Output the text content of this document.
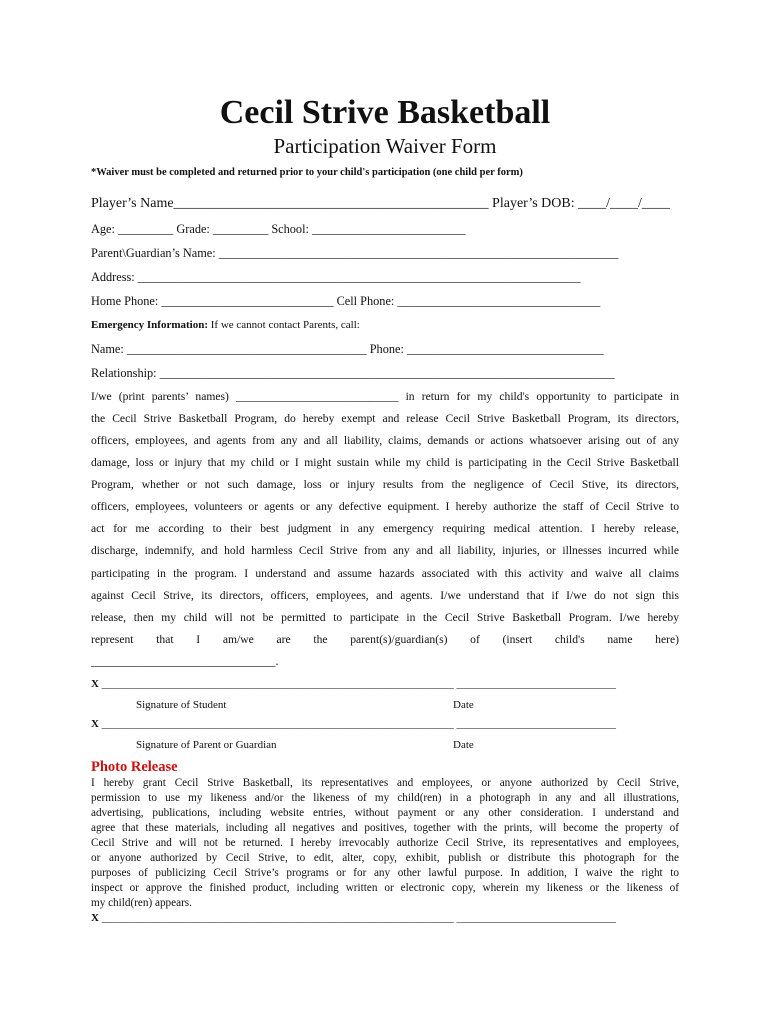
Cecil Strive Basketball
Participation Waiver Form
*Waiver must be completed and returned prior to your child's participation (one child per form)
Player’s Name_____________________________________________ Player’s DOB: ____/____/____
Age: _________ Grade: _________ School: _________________________
Parent\Guardian’s Name: _________________________________________________________________
Address: ________________________________________________________________________
Home Phone: ____________________________ Cell Phone: _________________________________
Emergency Information: If we cannot contact Parents, call:
Name: _______________________________________ Phone: ________________________________
Relationship: __________________________________________________________________________
I/we (print parents’ names) ____________________________ in return for my child's opportunity to participate in
the Cecil Strive Basketball Program, do hereby exempt and release Cecil Strive Basketball Program, its directors,
officers, employees, and agents from any and all liability, claims, demands or actions whatsoever arising out of any
damage, loss or injury that my child or I might sustain while my child is participating in the Cecil Strive Basketball
Program, whether or not such damage, loss or injury results from the negligence of Cecil Stive, its directors,
officers, employees, volunteers or agents or any defective equipment. I hereby authorize the staff of Cecil Strive to
act for me according to their best judgment in any emergency requiring medical attention. I hereby release,
discharge, indemnify, and hold harmless Cecil Strive from any and all liability, injuries, or illnesses incurred while
participating in the program. I understand and assume hazards associated with this activity and waive all claims
against Cecil Strive, its directors, officers, employees, and agents. I/we understand that if I/we do not sign this
release, then my child will not be permitted to participate in the Cecil Strive Basketball Program. I/we hereby
represent that I am/we are the parent(s)/guardian(s) of (insert child's name here)
______________________________.
X ________________________________________________________________ _____________________________
Signature of Student	Date
X ________________________________________________________________ _____________________________
Signature of Parent or Guardian	Date
Photo Release
I hereby grant Cecil Strive Basketball, its representatives and employees, or anyone authorized by Cecil Strive,
permission to use my likeness and/or the likeness of my child(ren) in a photograph in any and all illustrations,
advertising, publications, including website entries, without payment or any other consideration. I understand and
agree that these materials, including all negatives and positives, together with the prints, will become the property of
Cecil Strive and will not be returned. I hereby irrevocably authorize Cecil Strive, its representatives and employees,
or anyone authorized by Cecil Strive, to edit, alter, copy, exhibit, publish or distribute this photograph for the
purposes of publicizing Cecil Strive’s programs or for any other lawful purpose. In addition, I waive the right to
inspect or approve the finished product, including written or electronic copy, wherein my likeness or the likeness of
my child(ren) appears.
X ________________________________________________________________ _____________________________
